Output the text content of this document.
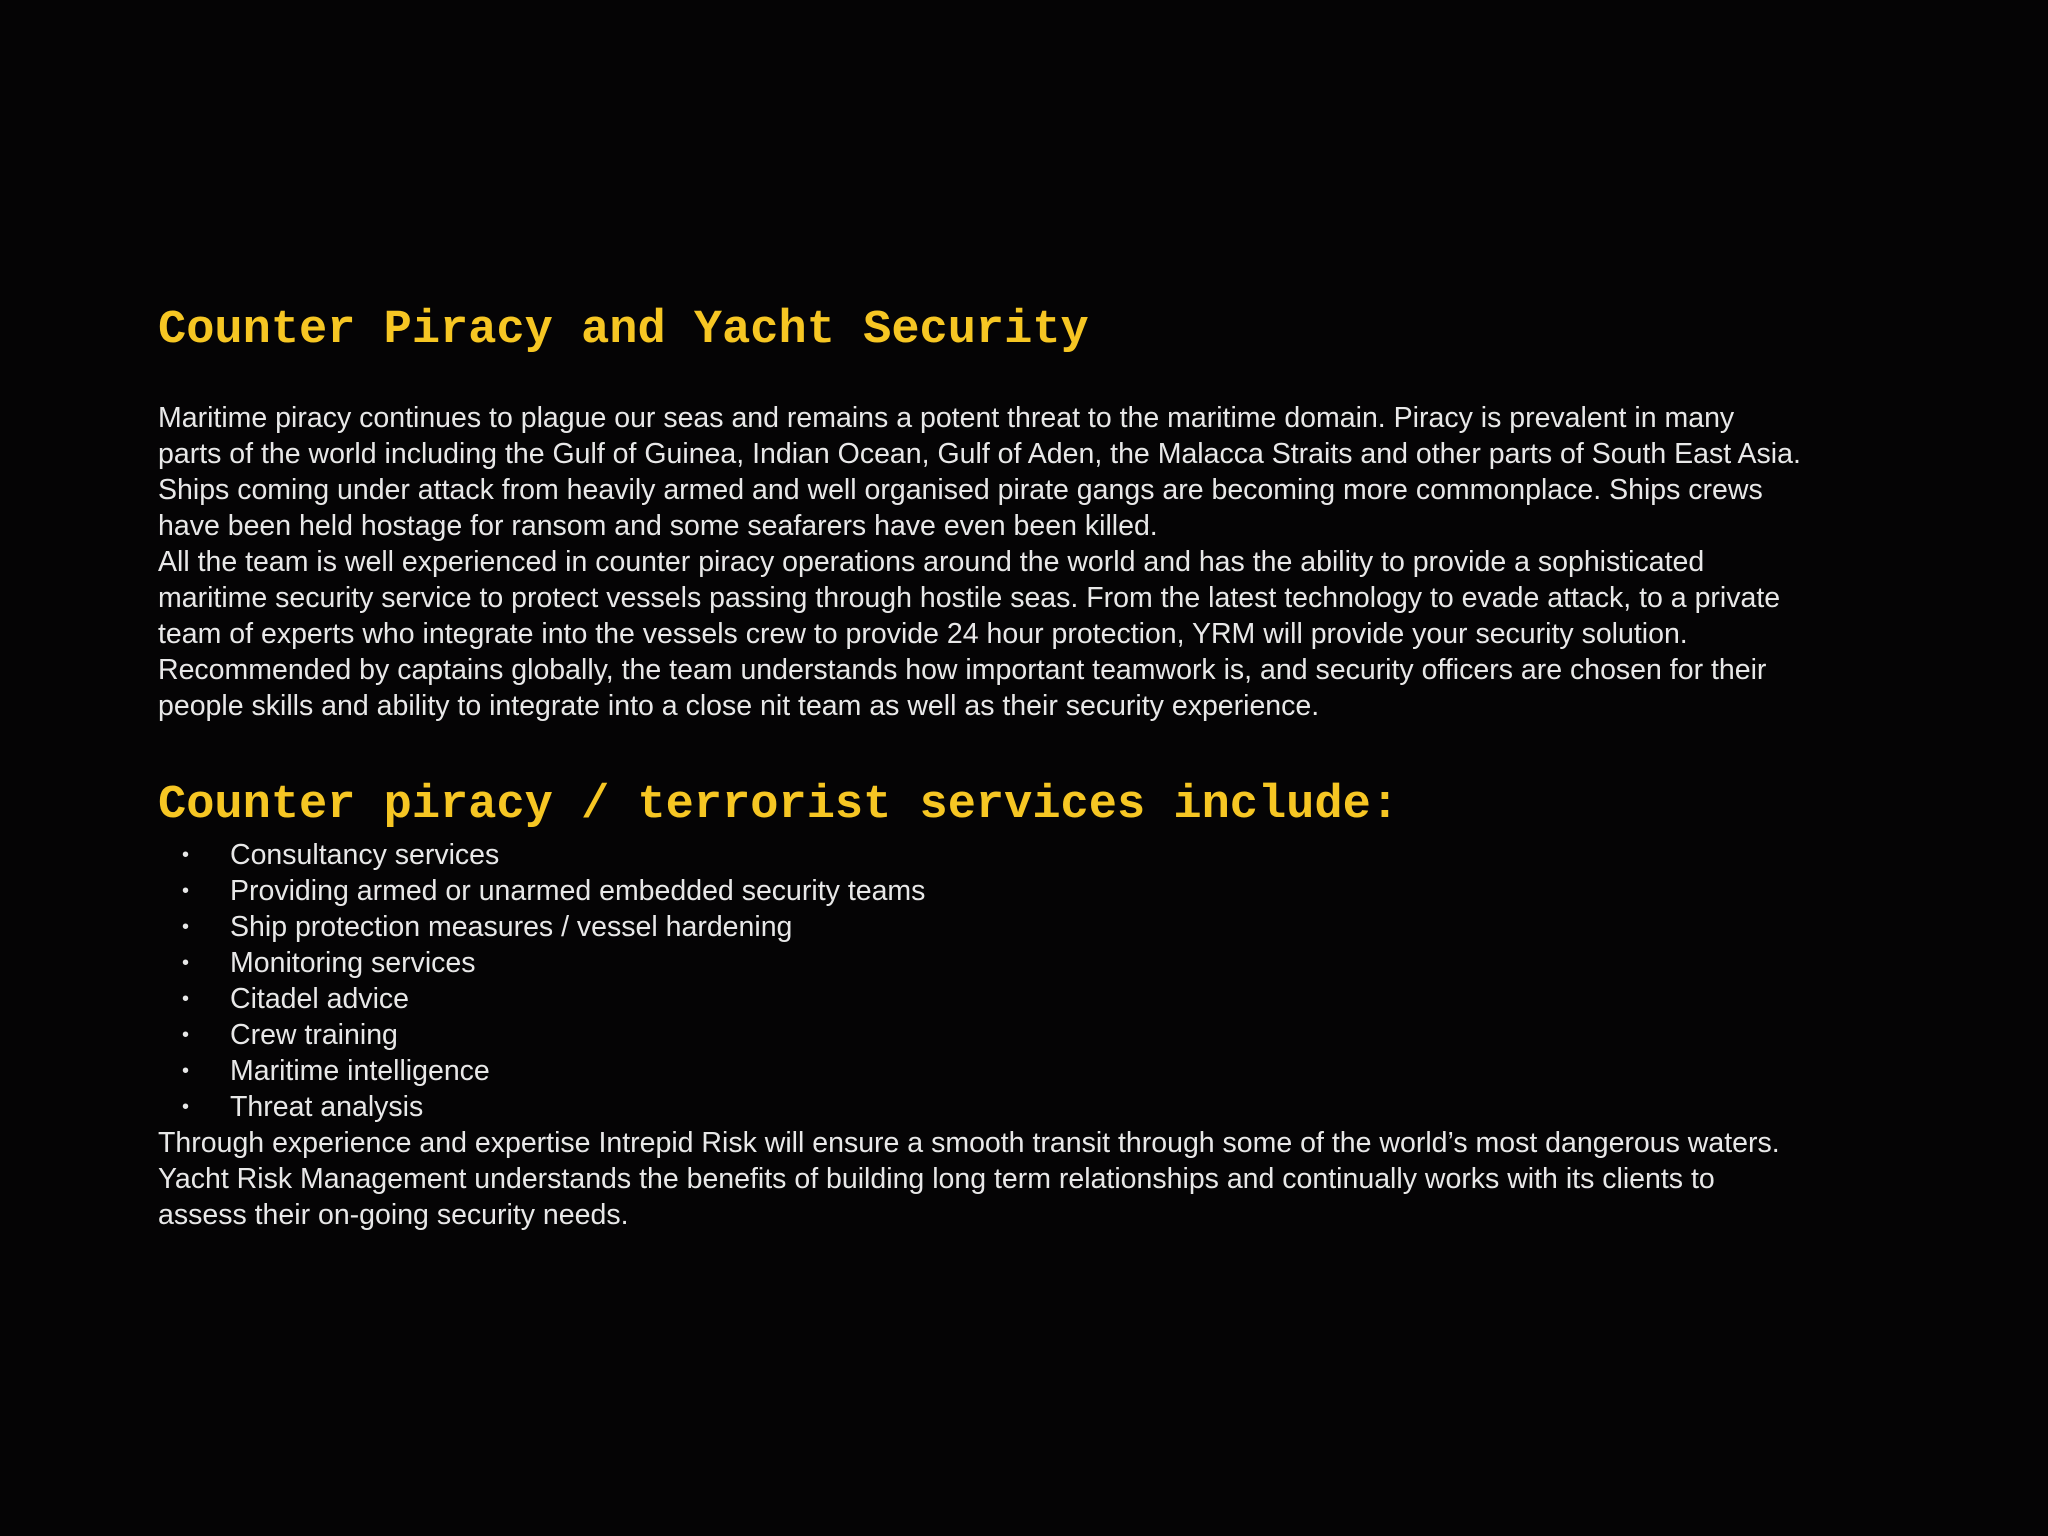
Counter Piracy and Yacht Security
Maritime piracy continues to plague our seas and remains a potent threat to the maritime domain. Piracy is prevalent in many
parts of the world including the Gulf of Guinea, Indian Ocean, Gulf of Aden, the Malacca Straits and other parts of South East Asia.
Ships coming under attack from heavily armed and well organised pirate gangs are becoming more commonplace. Ships crews
have been held hostage for ransom and some seafarers have even been killed.
All the team is well experienced in counter piracy operations around the world and has the ability to provide a sophisticated
maritime security service to protect vessels passing through hostile seas. From the latest technology to evade attack, to a private
team of experts who integrate into the vessels crew to provide 24 hour protection, YRM will provide your security solution.
Recommended by captains globally, the team understands how important teamwork is, and security officers are chosen for their
people skills and ability to integrate into a close nit team as well as their security experience.
Counter piracy / terrorist services include:
• Consultancy services
• Providing armed or unarmed embedded security teams
• Ship protection measures / vessel hardening
• Monitoring services
• Citadel advice
• Crew training
• Maritime intelligence
• Threat analysis
Through experience and expertise Intrepid Risk will ensure a smooth transit through some of the world’s most dangerous waters.
Yacht Risk Management understands the benefits of building long term relationships and continually works with its clients to
assess their on-going security needs.
